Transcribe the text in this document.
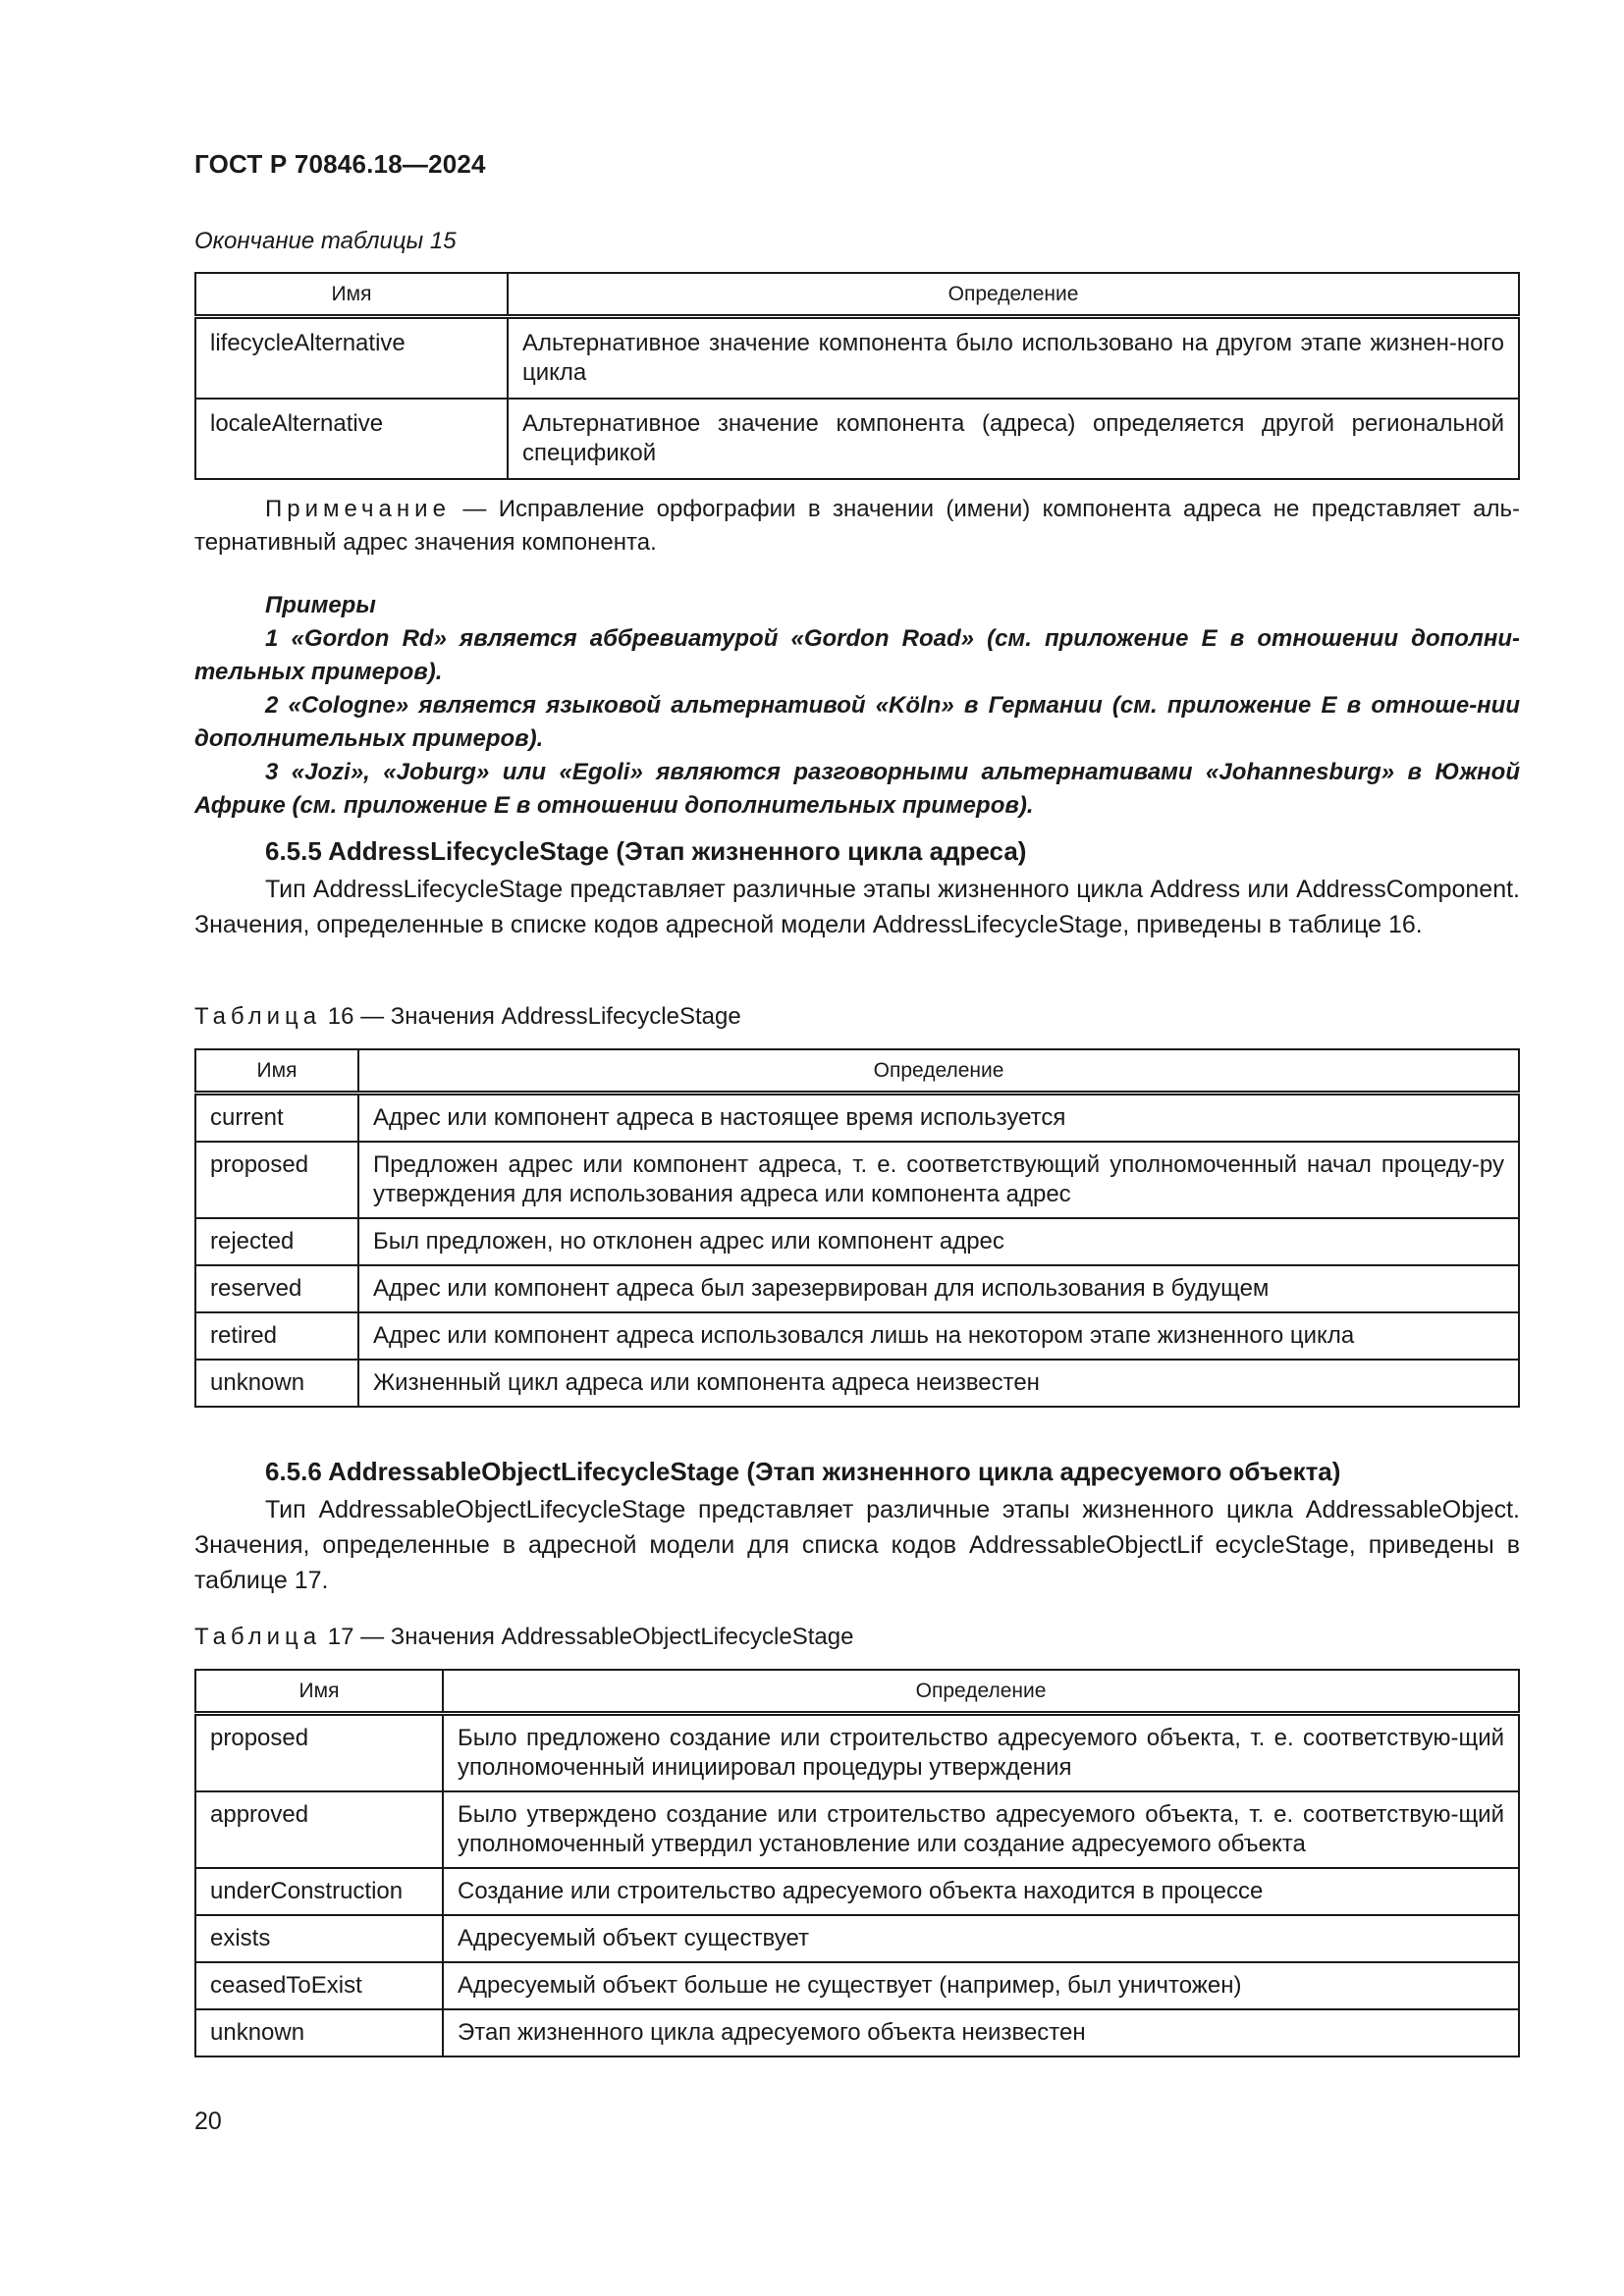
ГОСТ Р 70846.18—2024
Окончание таблицы 15
Имя	Определение
lifecycleAlternative	Альтернативное значение компонента было использовано на другом этапе жизнен-ного цикла
localeAlternative	Альтернативное значение компонента (адреса) определяется другой региональной спецификой
Примечание — Исправление орфографии в значении (имени) компонента адреса не представляет аль-тернативный адрес значения компонента.

Примеры

1 «Gordon Rd» является аббревиатурой «Gordon Road» (см. приложение Е в отношении дополни-тельных примеров).

2 «Cologne» является языковой альтернативой «Köln» в Германии (см. приложение Е в отноше-нии дополнительных примеров).

3 «Jozi», «Joburg» или «Egoli» являются разговорными альтернативами «Johannesburg» в Южной Африке (см. приложение Е в отношении дополнительных примеров).

6.5.5 AddressLifecycleStage (Этап жизненного цикла адреса)
Тип AddressLifecycleStage представляет различные этапы жизненного цикла Address или AddressComponent. Значения, определенные в списке кодов адресной модели AddressLifecycleStage, приведены в таблице 16.
Таблица 16 — Значения AddressLifecycleStage
Имя	Определение
current	Адрес или компонент адреса в настоящее время используется
proposed	Предложен адрес или компонент адреса, т. е. соответствующий уполномоченный начал процеду-ру утверждения для использования адреса или компонента адрес
rejected	Был предложен, но отклонен адрес или компонент адрес
reserved	Адрес или компонент адреса был зарезервирован для использования в будущем
retired	Адрес или компонент адреса использовался лишь на некотором этапе жизненного цикла
unknown	Жизненный цикл адреса или компонента адреса неизвестен
6.5.6 AddressableObjectLifecycleStage (Этап жизненного цикла адресуемого объекта)
Тип AddressableObjectLifecycleStage представляет различные этапы жизненного цикла AddressableObject. Значения, определенные в адресной модели для списка кодов AddressableObjectLif ecycleStage, приведены в таблице 17.
Таблица 17 — Значения AddressableObjectLifecycleStage
Имя	Определение
proposed	Было предложено создание или строительство адресуемого объекта, т. е. соответствую-щий уполномоченный инициировал процедуры утверждения
approved	Было утверждено создание или строительство адресуемого объекта, т. е. соответствую-щий уполномоченный утвердил установление или создание адресуемого объекта
underConstruction	Создание или строительство адресуемого объекта находится в процессе
exists	Адресуемый объект существует
ceasedToExist	Адресуемый объект больше не существует (например, был уничтожен)
unknown	Этап жизненного цикла адресуемого объекта неизвестен
20
